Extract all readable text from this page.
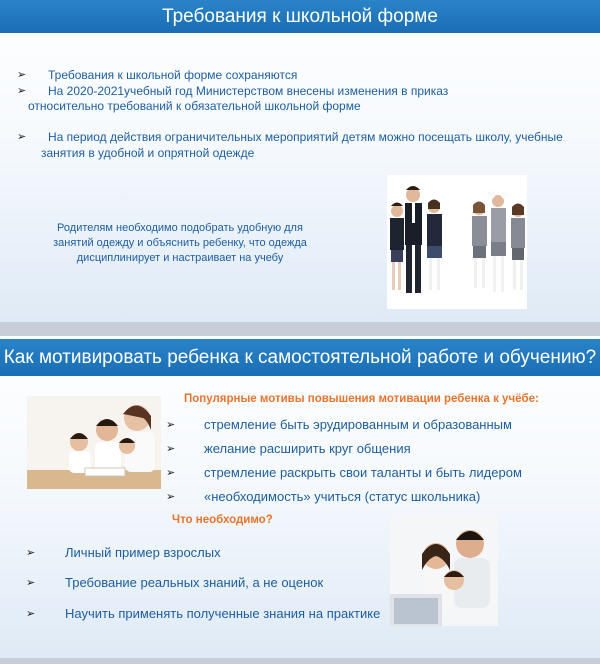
Требования к школьной форме
➢ Требования к школьной форме сохраняются
➢ На 2020-2021учебный год Министерством внесены изменения в приказ
относительно требований к обязательной школьной форме
➢ На период действия ограничительных мероприятий детям можно посещать школу, учебные
занятия в удобной и опрятной одежде
Родителям необходимо подобрать удобную для
занятий одежду и объяснить ребенку, что одежда
дисциплинирует и настраивает на учебу
Как мотивировать ребенка к самостоятельной работе и обучению?
Популярные мотивы повышения мотивации ребенка к учёбе:
➢ стремление быть эрудированным и образованным
➢ желание расширить круг общения
➢ стремление раскрыть свои таланты и быть лидером
➢ «необходимость» учиться (статус школьника)
Что необходимо?
➢ Личный пример взрослых
➢ Требование реальных знаний, а не оценок
➢ Научить применять полученные знания на практике
